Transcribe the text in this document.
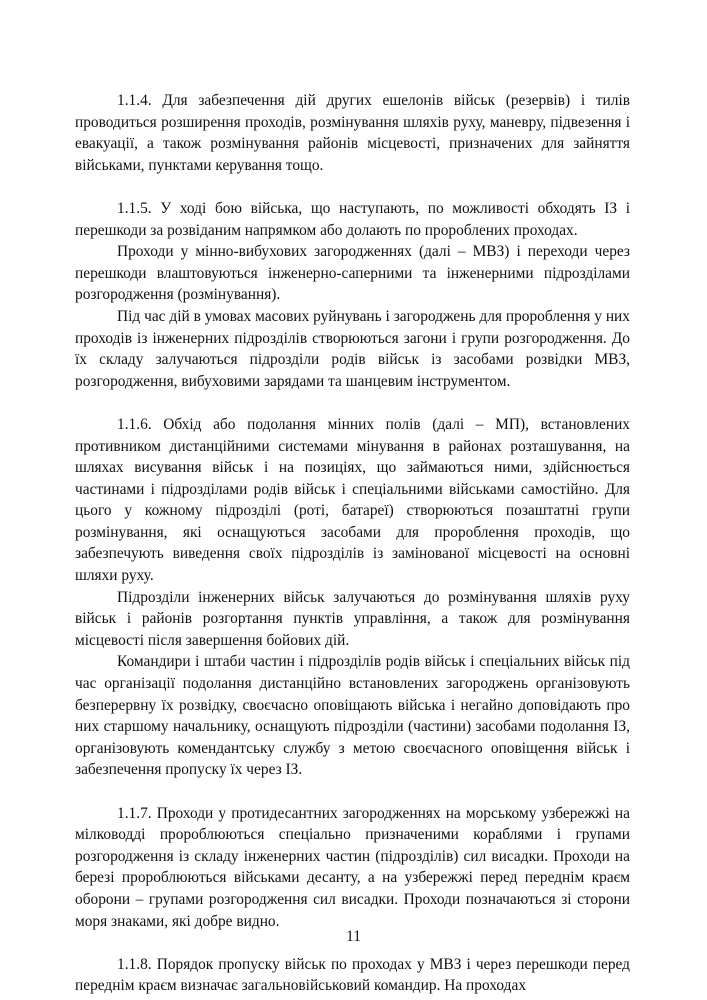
1.1.4. Для забезпечення дій других ешелонів військ (резервів) і тилів проводиться розширення проходів, розмінування шляхів руху, маневру, підвезення і евакуації, а також розмінування районів місцевості, призначених для зайняття військами, пунктами керування тощо.

1.1.5. У ході бою війська, що наступають, по можливості обходять ІЗ і перешкоди за розвіданим напрямком або долають по пророблених проходах.

Проходи у мінно-вибухових загородженнях (далі – МВЗ) і переходи через перешкоди влаштовуються інженерно-саперними та інженерними підрозділами розгородження (розмінування).

Під час дій в умовах масових руйнувань і загороджень для пророблення у них проходів із інженерних підрозділів створюються загони і групи розгородження. До їх складу залучаються підрозділи родів військ із засобами розвідки МВЗ, розгородження, вибуховими зарядами та шанцевим інструментом.

1.1.6. Обхід або подолання мінних полів (далі – МП), встановлених противником дистанційними системами мінування в районах розташування, на шляхах висування військ і на позиціях, що займаються ними, здійснюється частинами і підрозділами родів військ і спеціальними військами самостійно. Для цього у кожному підрозділі (роті, батареї) створюються позаштатні групи розмінування, які оснащуються засобами для пророблення проходів, що забезпечують виведення своїх підрозділів із замінованої місцевості на основні шляхи руху.

Підрозділи інженерних військ залучаються до розмінування шляхів руху військ і районів розгортання пунктів управління, а також для розмінування місцевості після завершення бойових дій.

Командири і штаби частин і підрозділів родів військ і спеціальних військ під час організації подолання дистанційно встановлених загороджень організовують безперервну їх розвідку, своєчасно оповіщають війська і негайно доповідають про них старшому начальнику, оснащують підрозділи (частини) засобами подолання ІЗ, організовують комендантську службу з метою своєчасного оповіщення військ і забезпечення пропуску їх через ІЗ.

1.1.7. Проходи у протидесантних загородженнях на морському узбережжі на мілководді пророблюються спеціально призначеними кораблями і групами розгородження із складу інженерних частин (підрозділів) сил висадки. Проходи на березі пророблюються військами десанту, а на узбережжі перед переднім краєм оборони – групами розгородження сил висадки. Проходи позначаються зі сторони моря знаками, які добре видно.

1.1.8. Порядок пропуску військ по проходах у МВЗ і через перешкоди перед переднім краєм визначає загальновійськовий командир. На проходах

11
